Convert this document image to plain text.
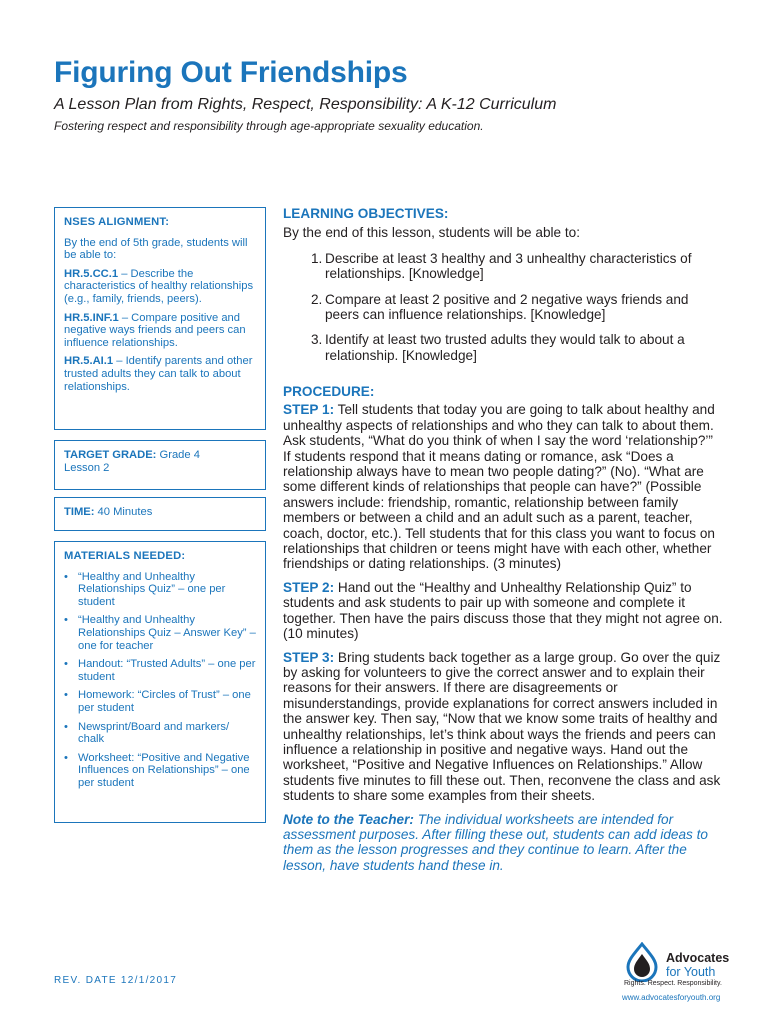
Figuring Out Friendships

A Lesson Plan from Rights, Respect, Responsibility: A K-12 Curriculum

Fostering respect and responsibility through age-appropriate sexuality education.

NSES ALIGNMENT:

By the end of 5th grade, students will be able to:

HR.5.CC.1 – Describe the characteristics of healthy relationships (e.g., family, friends, peers).

HR.5.INF.1 – Compare positive and negative ways friends and peers can influence relationships.

HR.5.AI.1 – Identify parents and other trusted adults they can talk to about relationships.

TARGET GRADE: Grade 4

Lesson 2

TIME: 40 Minutes

MATERIALS NEEDED:
• “Healthy and Unhealthy Relationships Quiz” – one per student
• “Healthy and Unhealthy Relationships Quiz – Answer Key” – one for teacher
• Handout: “Trusted Adults” – one per student
• Homework: “Circles of Trust” – one per student
• Newsprint/Board and markers/ chalk
• Worksheet: “Positive and Negative Influences on Relationships” – one per student

LEARNING OBJECTIVES:

By the end of this lesson, students will be able to:

1. Describe at least 3 healthy and 3 unhealthy characteristics of relationships. [Knowledge]
2. Compare at least 2 positive and 2 negative ways friends and peers can influence relationships. [Knowledge]
3. Identify at least two trusted adults they would talk to about a relationship. [Knowledge]

PROCEDURE:

STEP 1: Tell students that today you are going to talk about healthy and unhealthy aspects of relationships and who they can talk to about them. Ask students, “What do you think of when I say the word ‘relationship?’” If students respond that it means dating or romance, ask “Does a relationship always have to mean two people dating?” (No). “What are some different kinds of relationships that people can have?” (Possible answers include: friendship, romantic, relationship between family members or between a child and an adult such as a parent, teacher, coach, doctor, etc.). Tell students that for this class you want to focus on relationships that children or teens might have with each other, whether friendships or dating relationships. (3 minutes)

STEP 2: Hand out the “Healthy and Unhealthy Relationship Quiz” to students and ask students to pair up with someone and complete it together. Then have the pairs discuss those that they might not agree on. (10 minutes)

STEP 3: Bring students back together as a large group. Go over the quiz by asking for volunteers to give the correct answer and to explain their reasons for their answers. If there are disagreements or misunderstandings, provide explanations for correct answers included in the answer key. Then say, “Now that we know some traits of healthy and unhealthy relationships, let’s think about ways the friends and peers can influence a relationship in positive and negative ways. Hand out the worksheet, “Positive and Negative Influences on Relationships.” Allow students five minutes to fill these out. Then, reconvene the class and ask students to share some examples from their sheets.

Note to the Teacher: The individual worksheets are intended for assessment purposes. After filling these out, students can add ideas to them as the lesson progresses and they continue to learn. After the lesson, have students hand these in.

REV. DATE 12/1/2017
Advocates
for Youth
Rights. Respect. Responsibility.
www.advocatesforyouth.org
